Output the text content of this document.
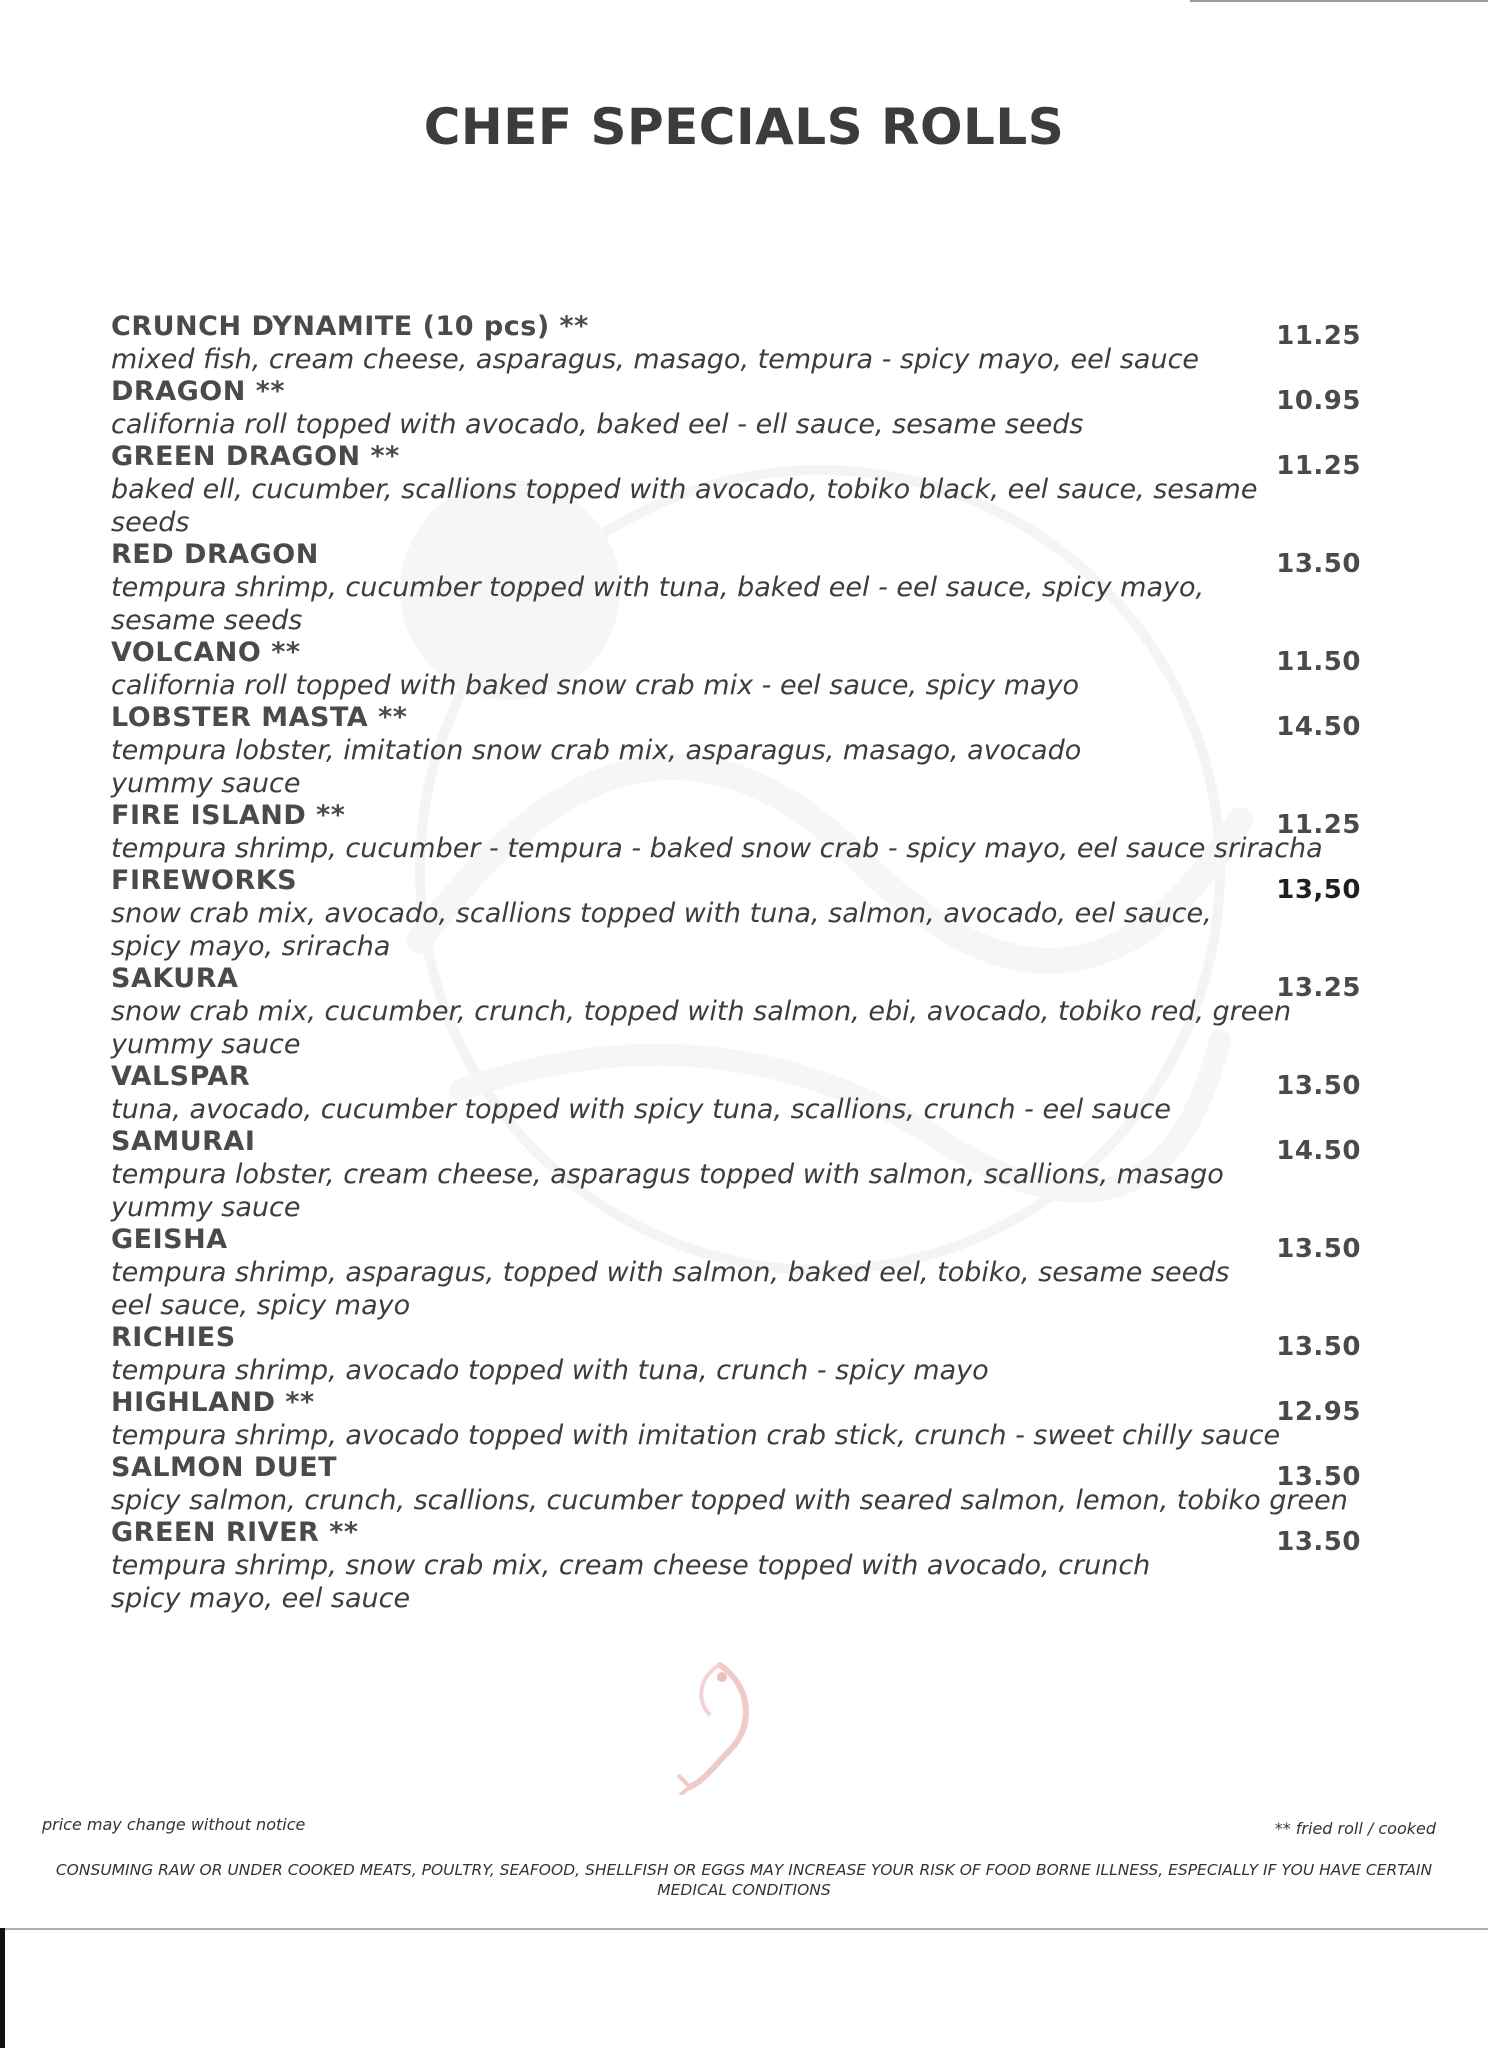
CHEF SPECIALS ROLLS
CRUNCH DYNAMITE (10 pcs) **	11.25
mixed fish, cream cheese, asparagus, masago, tempura - spicy mayo, eel sauce
DRAGON **	10.95
california roll topped with avocado, baked eel - ell sauce, sesame seeds
GREEN DRAGON **	11.25
baked ell, cucumber, scallions topped with avocado, tobiko black, eel sauce, sesame seeds
RED DRAGON	13.50
tempura shrimp, cucumber topped with tuna, baked eel - eel sauce, spicy mayo, sesame seeds
VOLCANO **	11.50
california roll topped with baked snow crab mix - eel sauce, spicy mayo
LOBSTER MASTA **	14.50
tempura lobster, imitation snow crab mix, asparagus, masago, avocado yummy sauce
FIRE ISLAND **	11.25
tempura shrimp, cucumber - tempura - baked snow crab - spicy mayo, eel sauce sriracha
FIREWORKS	13,50
snow crab mix, avocado, scallions topped with tuna, salmon, avocado, eel sauce, spicy mayo, sriracha
SAKURA	13.25
snow crab mix, cucumber, crunch, topped with salmon, ebi, avocado, tobiko red, green yummy sauce
VALSPAR	13.50
tuna, avocado, cucumber topped with spicy tuna, scallions, crunch - eel sauce
SAMURAI	14.50
tempura lobster, cream cheese, asparagus topped with salmon, scallions, masago yummy sauce
GEISHA	13.50
tempura shrimp, asparagus, topped with salmon, baked eel, tobiko, sesame seeds eel sauce, spicy mayo
RICHIES	13.50
tempura shrimp, avocado topped with tuna, crunch - spicy mayo
HIGHLAND **	12.95
tempura shrimp, avocado topped with imitation crab stick, crunch - sweet chilly sauce
SALMON DUET	13.50
spicy salmon, crunch, scallions, cucumber topped with seared salmon, lemon, tobiko green
GREEN RIVER **	13.50
tempura shrimp, snow crab mix, cream cheese topped with avocado, crunch spicy mayo, eel sauce
price may change without notice	** fried roll / cooked
CONSUMING RAW OR UNDER COOKED MEATS, POULTRY, SEAFOOD, SHELLFISH OR EGGS MAY INCREASE YOUR RISK OF FOOD BORNE ILLNESS, ESPECIALLY IF YOU HAVE CERTAIN MEDICAL CONDITIONS
